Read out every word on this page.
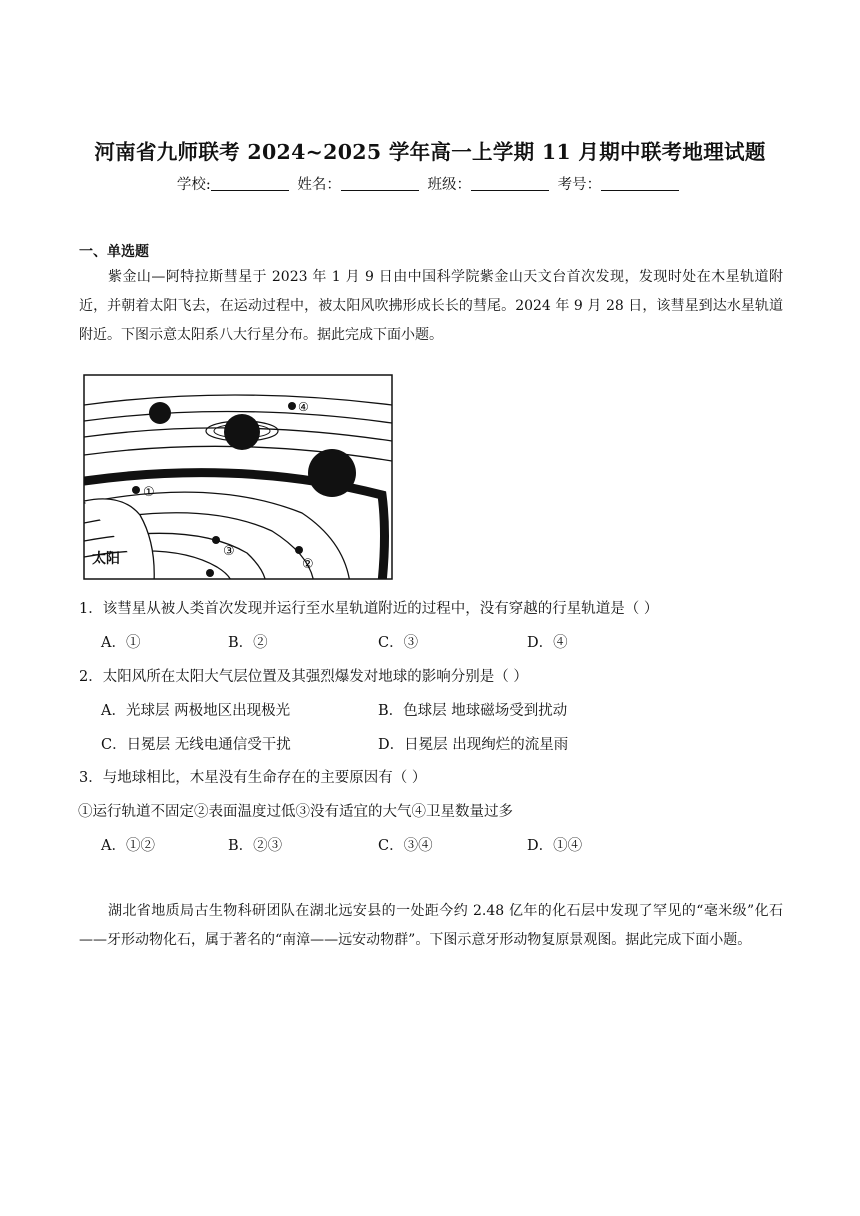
河南省九师联考 2024~2025 学年高一上学期 11 月期中联考地理试题
学校:	姓名：	班级：	考号：
一、单选题
紫金山—阿特拉斯彗星于 2023 年 1 月 9 日由中国科学院紫金山天文台首次发现，发现时处在木星轨道附近，并朝着太阳飞去，在运动过程中，被太阳风吹拂形成长长的彗尾。2024 年 9 月 28 日，该彗星到达水星轨道附近。下图示意太阳系八大行星分布。据此完成下面小题。
④
①
③
②
太阳
1．该彗星从被人类首次发现并运行至水星轨道附近的过程中，没有穿越的行星轨道是（ ）
A．①	B．②	C．③	D．④
2．太阳风所在太阳大气层位置及其强烈爆发对地球的影响分别是（ ）
A．光球层 两极地区出现极光	B．色球层 地球磁场受到扰动
C．日冕层 无线电通信受干扰	D．日冕层 出现绚烂的流星雨
3．与地球相比，木星没有生命存在的主要原因有（ ）
①运行轨道不固定②表面温度过低③没有适宜的大气④卫星数量过多
A．①②	B．②③	C．③④	D．①④
湖北省地质局古生物科研团队在湖北远安县的一处距今约 2.48 亿年的化石层中发现了罕见的“毫米级”化石——牙形动物化石，属于著名的“南漳——远安动物群”。下图示意牙形动物复原景观图。据此完成下面小题。
